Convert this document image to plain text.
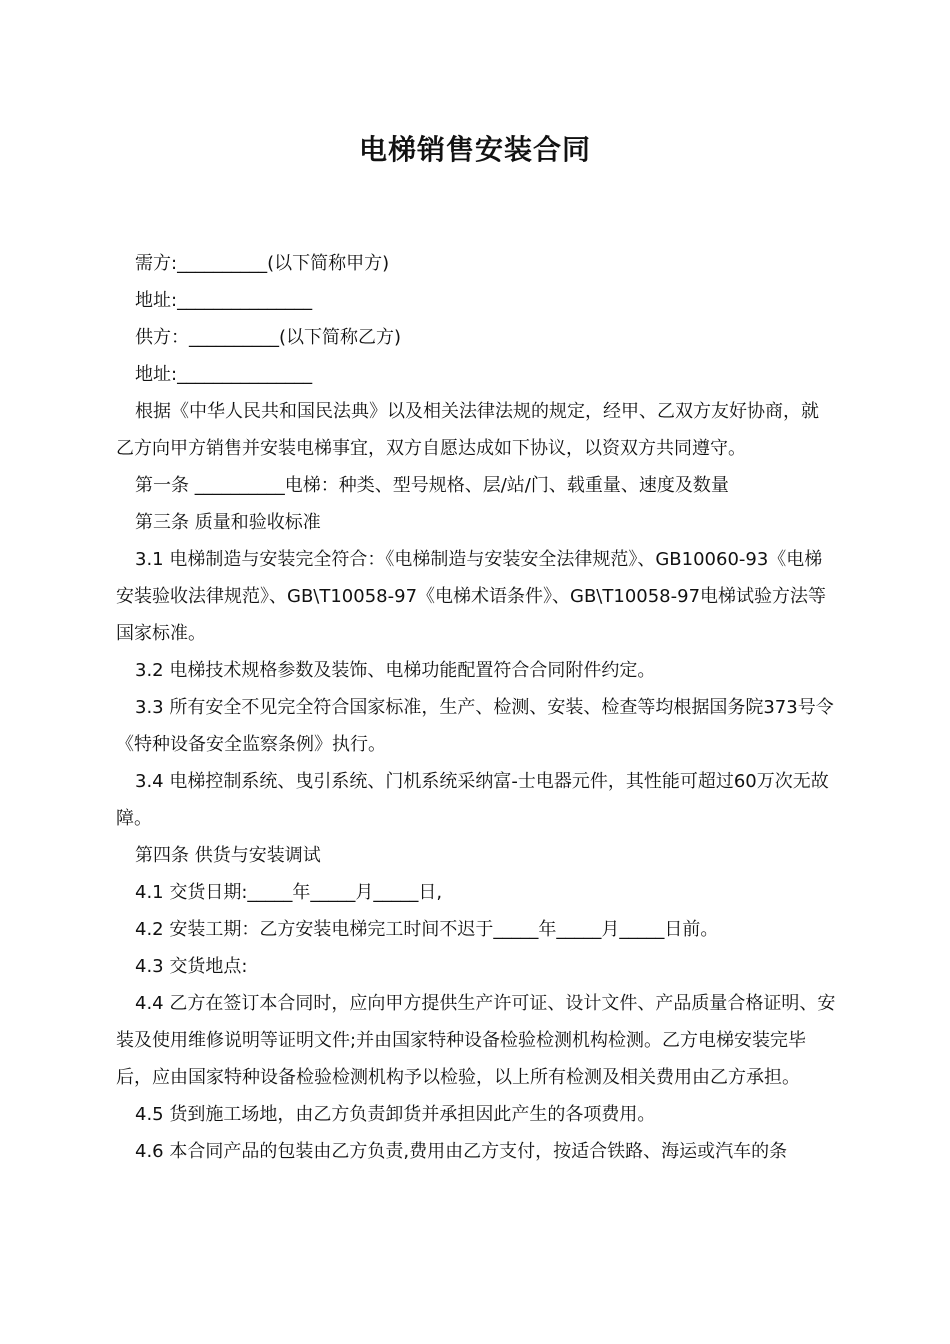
电梯销售安装合同

需方:__________(以下简称甲方)

地址:_______________

供方：__________(以下简称乙方)

地址:_______________

根据《中华人民共和国民法典》以及相关法律法规的规定，经甲、乙双方友好协商，就乙方向甲方销售并安装电梯事宜，双方自愿达成如下协议，以资双方共同遵守。

第一条 __________电梯：种类、型号规格、层/站/门、载重量、速度及数量

第三条 质量和验收标准

3.1 电梯制造与安装完全符合：《电梯制造与安装安全法律规范》、GB10060-93《电梯安装验收法律规范》、GB\T10058-97《电梯术语条件》、GB\T10058-97电梯试验方法等国家标准。

3.2 电梯技术规格参数及装饰、电梯功能配置符合合同附件约定。

3.3 所有安全不见完全符合国家标准，生产、检测、安装、检查等均根据国务院373号令《特种设备安全监察条例》执行。

3.4 电梯控制系统、曳引系统、门机系统采纳富-士电器元件，其性能可超过60万次无故障。

第四条 供货与安装调试

4.1 交货日期:_____年_____月_____日,

4.2 安装工期：乙方安装电梯完工时间不迟于_____年_____月_____日前。

4.3 交货地点:

4.4 乙方在签订本合同时，应向甲方提供生产许可证、设计文件、产品质量合格证明、安装及使用维修说明等证明文件;并由国家特种设备检验检测机构检测。乙方电梯安装完毕后，应由国家特种设备检验检测机构予以检验，以上所有检测及相关费用由乙方承担。

4.5 货到施工场地，由乙方负责卸货并承担因此产生的各项费用。

4.6 本合同产品的包装由乙方负责,费用由乙方支付，按适合铁路、海运或汽车的条
